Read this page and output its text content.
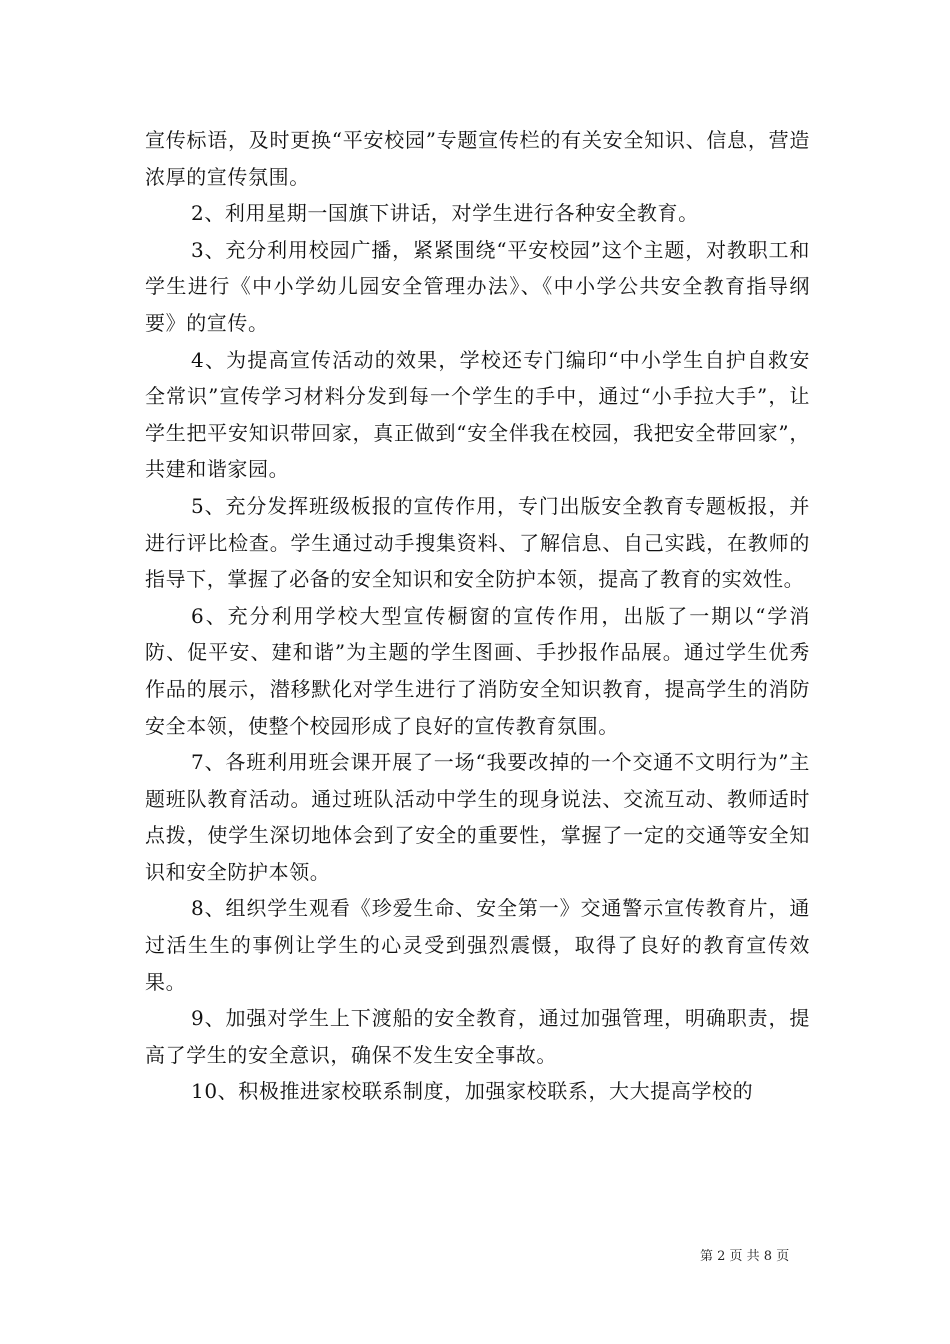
宣传标语，及时更换“平安校园”专题宣传栏的有关安全知识、信息，营造浓厚的宣传氛围。

2、利用星期一国旗下讲话，对学生进行各种安全教育。

3、充分利用校园广播，紧紧围绕“平安校园”这个主题，对教职工和学生进行《中小学幼儿园安全管理办法》、《中小学公共安全教育指导纲要》的宣传。

4、为提高宣传活动的效果，学校还专门编印“中小学生自护自救安全常识”宣传学习材料分发到每一个学生的手中，通过“小手拉大手”，让学生把平安知识带回家，真正做到“安全伴我在校园，我把安全带回家”，共建和谐家园。

5、充分发挥班级板报的宣传作用，专门出版安全教育专题板报，并进行评比检查。学生通过动手搜集资料、了解信息、自己实践，在教师的指导下，掌握了必备的安全知识和安全防护本领，提高了教育的实效性。

6、充分利用学校大型宣传橱窗的宣传作用，出版了一期以“学消防、促平安、建和谐”为主题的学生图画、手抄报作品展。通过学生优秀作品的展示，潜移默化对学生进行了消防安全知识教育，提高学生的消防安全本领，使整个校园形成了良好的宣传教育氛围。

7、各班利用班会课开展了一场“我要改掉的一个交通不文明行为”主题班队教育活动。通过班队活动中学生的现身说法、交流互动、教师适时点拨，使学生深切地体会到了安全的重要性，掌握了一定的交通等安全知识和安全防护本领。

8、组织学生观看《珍爱生命、安全第一》交通警示宣传教育片，通过活生生的事例让学生的心灵受到强烈震慑，取得了良好的教育宣传效果。

9、加强对学生上下渡船的安全教育，通过加强管理，明确职责，提高了学生的安全意识，确保不发生安全事故。

10、积极推进家校联系制度，加强家校联系，大大提高学校的

第 2 页 共 8 页
